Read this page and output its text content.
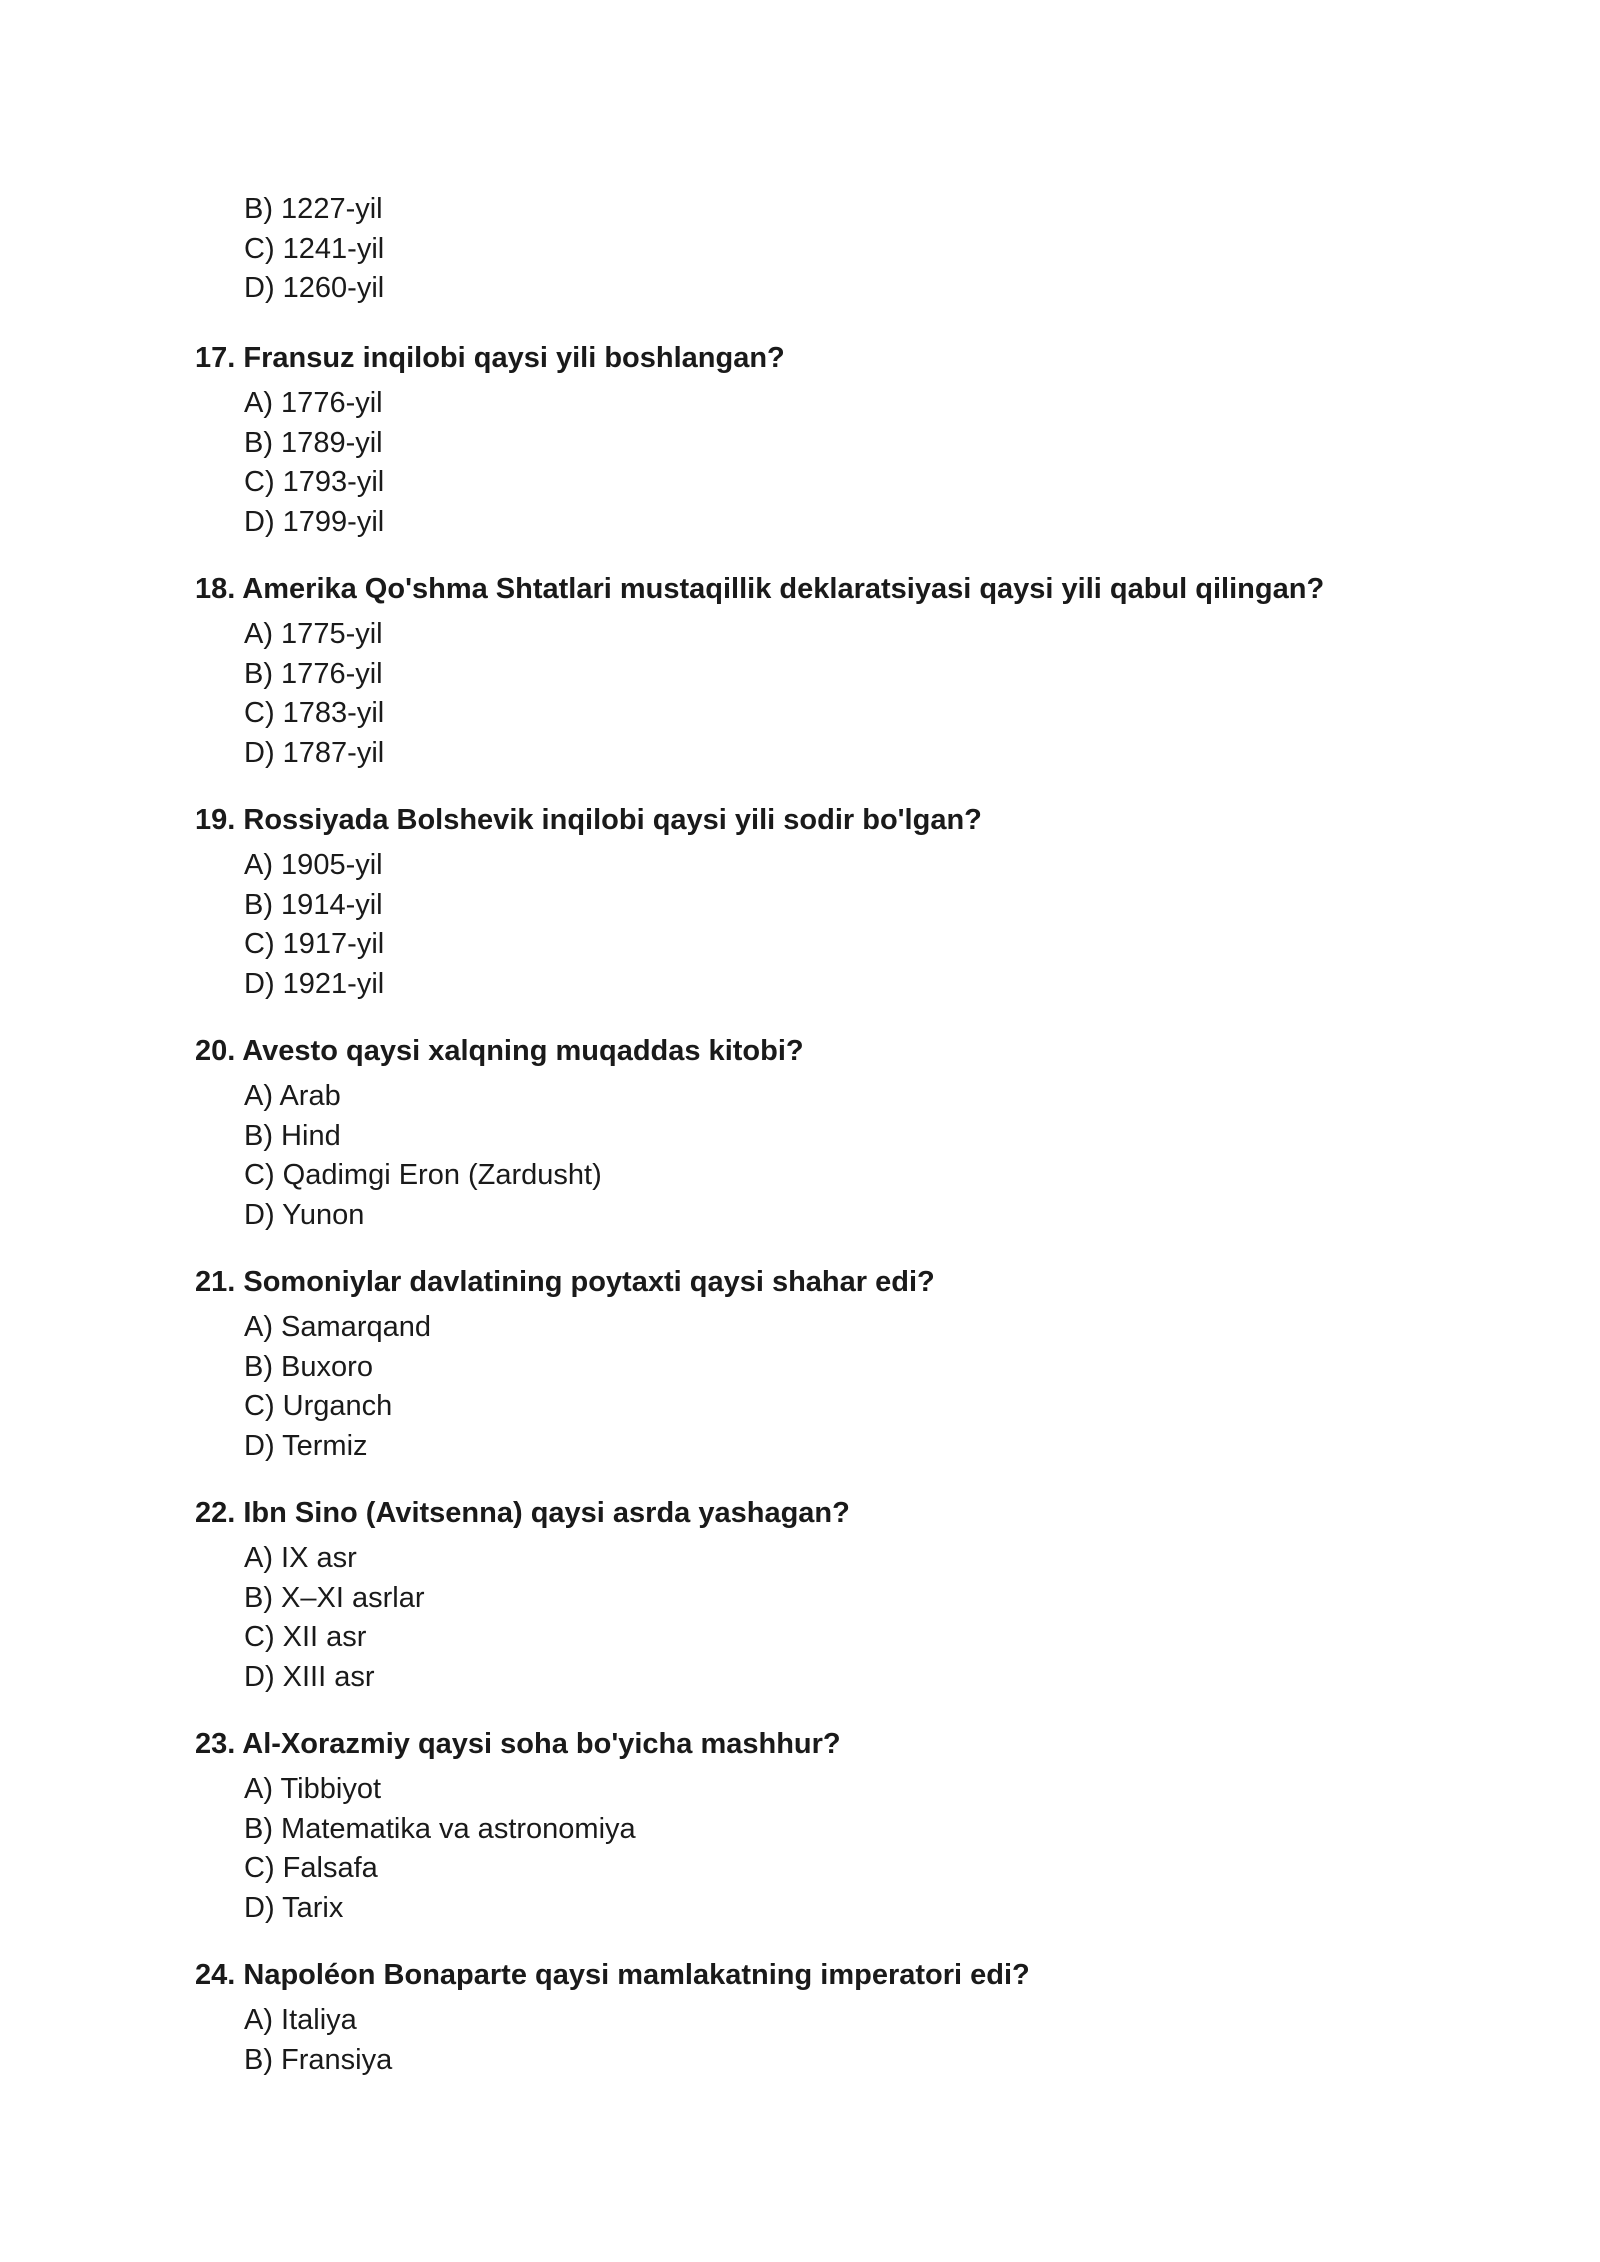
B) 1227-yil
C) 1241-yil
D) 1260-yil
17. Fransuz inqilobi qaysi yili boshlangan?
A) 1776-yil
B) 1789-yil
C) 1793-yil
D) 1799-yil
18. Amerika Qo'shma Shtatlari mustaqillik deklaratsiyasi qaysi yili qabul qilingan?
A) 1775-yil
B) 1776-yil
C) 1783-yil
D) 1787-yil
19. Rossiyada Bolshevik inqilobi qaysi yili sodir bo'lgan?
A) 1905-yil
B) 1914-yil
C) 1917-yil
D) 1921-yil
20. Avesto qaysi xalqning muqaddas kitobi?
A) Arab
B) Hind
C) Qadimgi Eron (Zardusht)
D) Yunon
21. Somoniylar davlatining poytaxti qaysi shahar edi?
A) Samarqand
B) Buxoro
C) Urganch
D) Termiz
22. Ibn Sino (Avitsenna) qaysi asrda yashagan?
A) IX asr
B) X–XI asrlar
C) XII asr
D) XIII asr
23. Al-Xorazmiy qaysi soha bo'yicha mashhur?
A) Tibbiyot
B) Matematika va astronomiya
C) Falsafa
D) Tarix
24. Napoléon Bonaparte qaysi mamlakatning imperatori edi?
A) Italiya
B) Fransiya
